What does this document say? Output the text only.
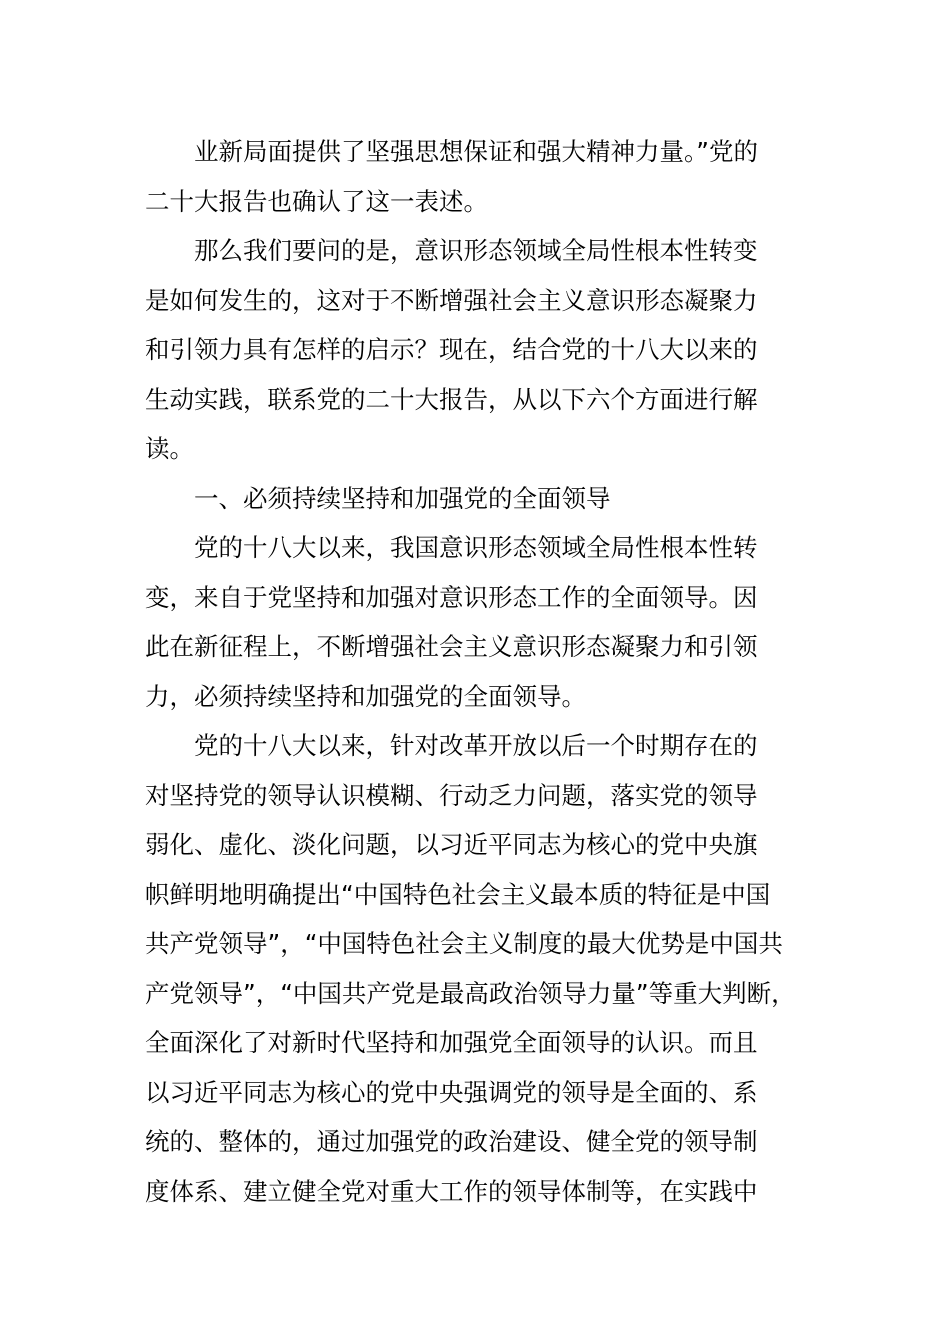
业新局面提供了坚强思想保证和强大精神力量。”党的

二十大报告也确认了这一表述。

那么我们要问的是，意识形态领域全局性根本性转变

是如何发生的，这对于不断增强社会主义意识形态凝聚力

和引领力具有怎样的启示？现在，结合党的十八大以来的

生动实践，联系党的二十大报告，从以下六个方面进行解

读。

一、必须持续坚持和加强党的全面领导

党的十八大以来，我国意识形态领域全局性根本性转

变，来自于党坚持和加强对意识形态工作的全面领导。因

此在新征程上，不断增强社会主义意识形态凝聚力和引领

力，必须持续坚持和加强党的全面领导。

党的十八大以来，针对改革开放以后一个时期存在的

对坚持党的领导认识模糊、行动乏力问题，落实党的领导

弱化、虚化、淡化问题，以习近平同志为核心的党中央旗

帜鲜明地明确提出“中国特色社会主义最本质的特征是中国

共产党领导”，“中国特色社会主义制度的最大优势是中国共

产党领导”，“中国共产党是最高政治领导力量”等重大判断，

全面深化了对新时代坚持和加强党全面领导的认识。而且

以习近平同志为核心的党中央强调党的领导是全面的、系

统的、整体的，通过加强党的政治建设、健全党的领导制

度体系、建立健全党对重大工作的领导体制等，在实践中
